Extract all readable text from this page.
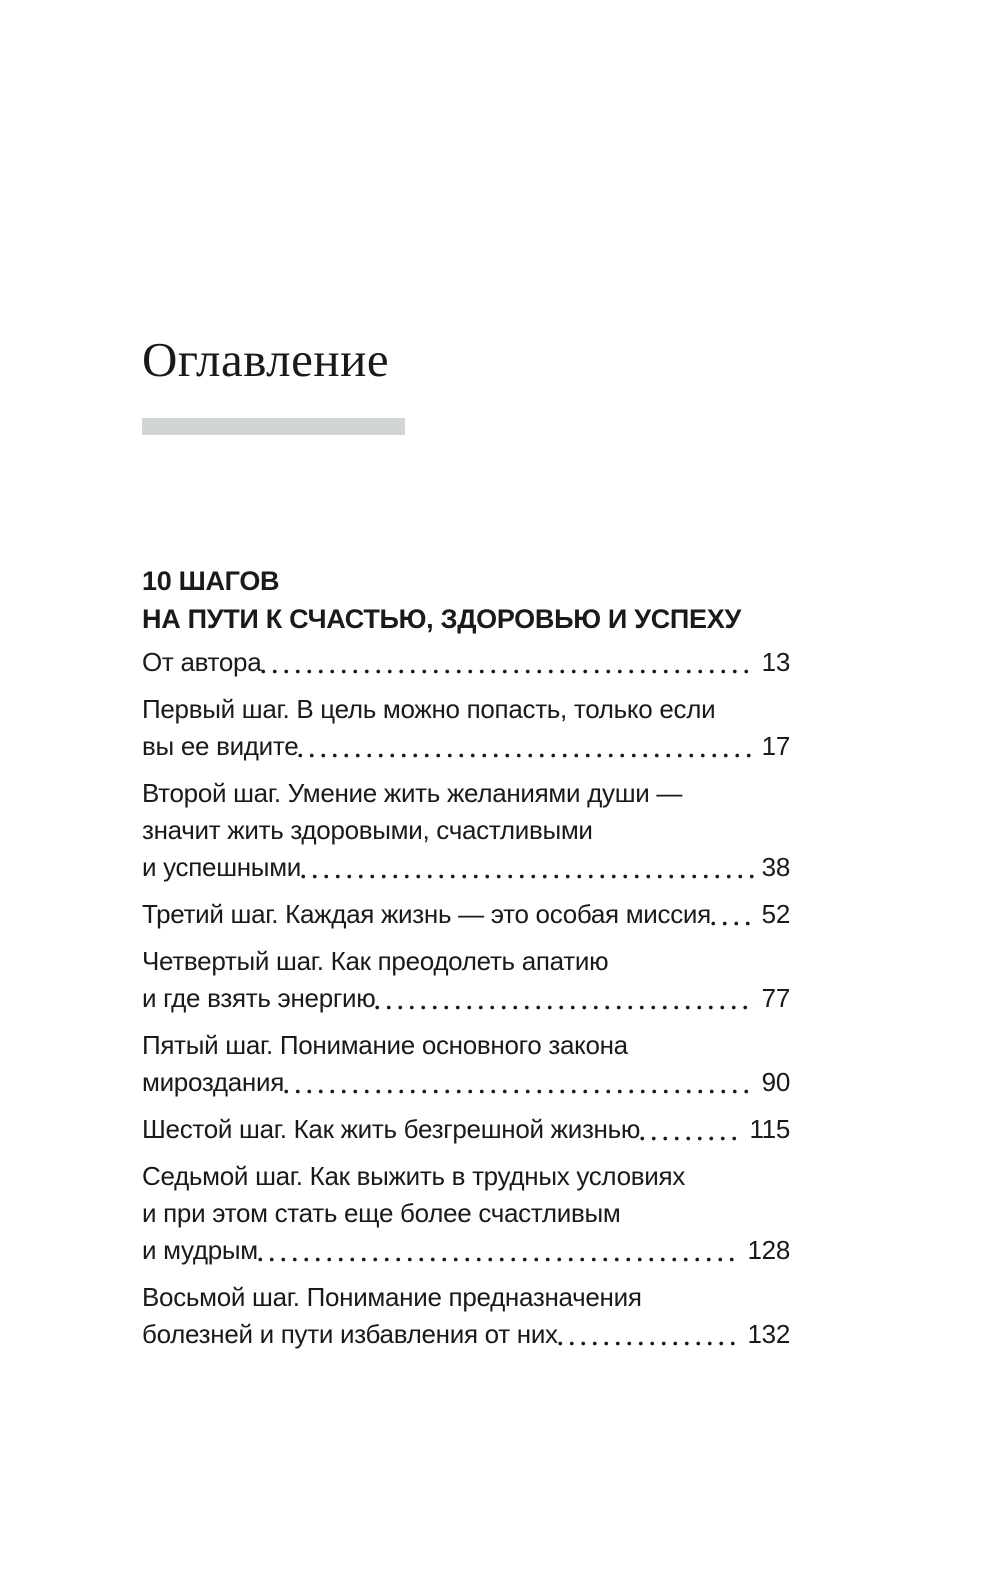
Оглавление
10 ШАГОВ
НА ПУТИ К СЧАСТЬЮ, ЗДОРОВЬЮ И УСПЕХУ
От автора	13
Первый шаг. В цель можно попасть, только если
вы ее видите	17
Второй шаг. Умение жить желаниями души —
значит жить здоровыми, счастливыми
и успешными	38
Третий шаг. Каждая жизнь — это особая миссия 52
Четвертый шаг. Как преодолеть апатию
и где взять энергию	77
Пятый шаг. Понимание основного закона
мироздания	90
Шестой шаг. Как жить безгрешной жизнью	115
Седьмой шаг. Как выжить в трудных условиях
и при этом стать еще более счастливым
и мудрым	128
Восьмой шаг. Понимание предназначения
болезней и пути избавления от них	132
